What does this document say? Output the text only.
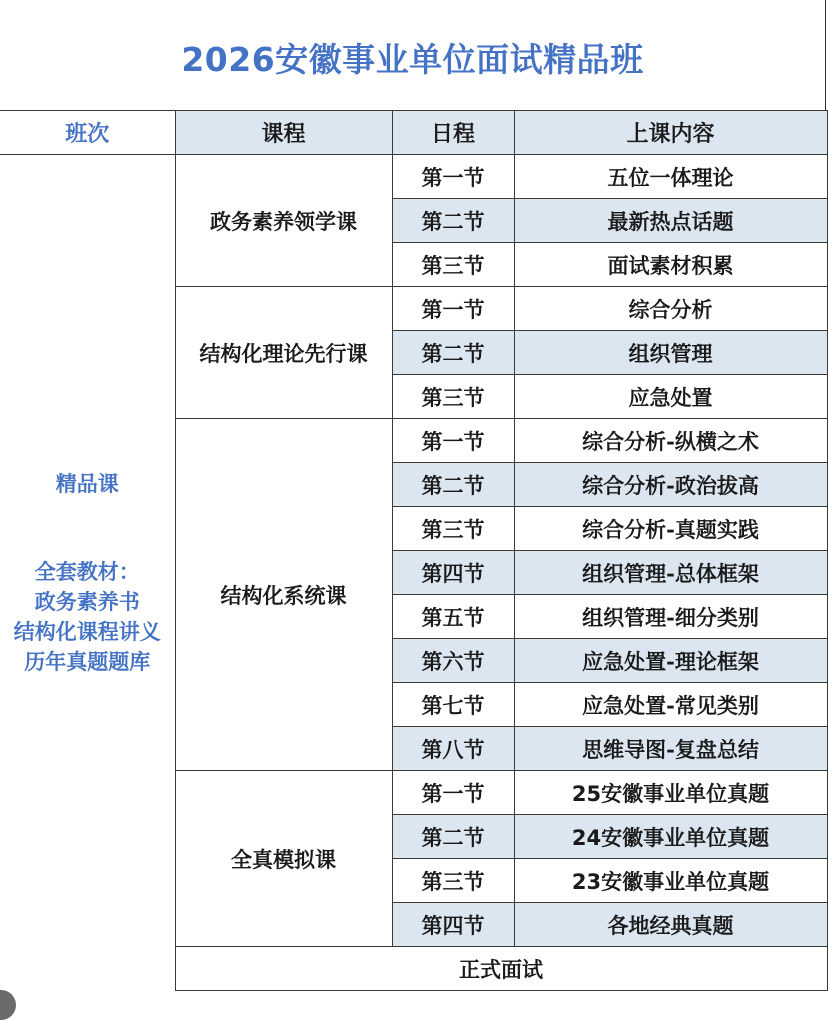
2026安徽事业单位面试精品班
班次	课程	日程	上课内容

精品课
全套教材：
政务素养书
结构化课程讲义
历年真题题库	政务素养领学课	第一节	五位一体理论
		第二节	最新热点话题
		第三节	面试素材积累
	结构化理论先行课	第一节	综合分析
		第二节	组织管理
		第三节	应急处置
	结构化系统课	第一节	综合分析-纵横之术
		第二节	综合分析-政治拔高
		第三节	综合分析-真题实践
		第四节	组织管理-总体框架
		第五节	组织管理-细分类别
		第六节	应急处置-理论框架
		第七节	应急处置-常见类别
		第八节	思维导图-复盘总结
	全真模拟课	第一节	25安徽事业单位真题
		第二节	24安徽事业单位真题
		第三节	23安徽事业单位真题
		第四节	各地经典真题
	正式面试		
